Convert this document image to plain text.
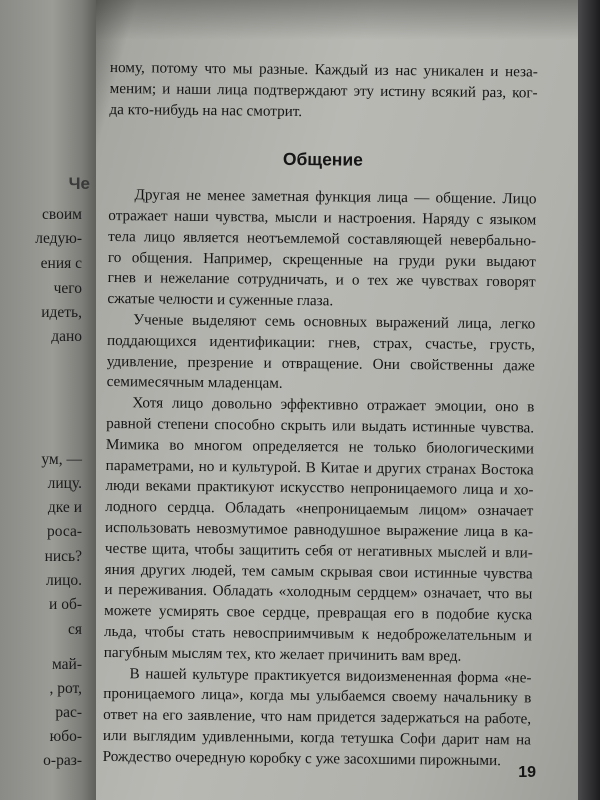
Че
своим
ледую-
ения с
чего
идеть,
дано
ум, —
лицу.
дке и
роса-
нись?
лицо.
и об-
ся
май-
, рот,
рас-
юбо-
о-раз-
ному, потому что мы разные. Каждый из нас уникален и неза-
меним; и наши лица подтверждают эту истину всякий раз, ког-
да кто-нибудь на нас смотрит.
Общение
Другая не менее заметная функция лица — общение. Лицо
отражает наши чувства, мысли и настроения. Наряду с языком
тела лицо является неотъемлемой составляющей невербально-
го общения. Например, скрещенные на груди руки выдают
гнев и нежелание сотрудничать, и о тех же чувствах говорят
сжатые челюсти и суженные глаза.
Ученые выделяют семь основных выражений лица, легко
поддающихся идентификации: гнев, страх, счастье, грусть,
удивление, презрение и отвращение. Они свойственны даже
семимесячным младенцам.
Хотя лицо довольно эффективно отражает эмоции, оно в
равной степени способно скрыть или выдать истинные чувства.
Мимика во многом определяется не только биологическими
параметрами, но и культурой. В Китае и других странах Востока
люди веками практикуют искусство непроницаемого лица и хо-
лодного сердца. Обладать «непроницаемым лицом» означает
использовать невозмутимое равнодушное выражение лица в ка-
честве щита, чтобы защитить себя от негативных мыслей и вли-
яния других людей, тем самым скрывая свои истинные чувства
и переживания. Обладать «холодным сердцем» означает, что вы
можете усмирять свое сердце, превращая его в подобие куска
льда, чтобы стать невосприимчивым к недоброжелательным и
пагубным мыслям тех, кто желает причинить вам вред.
В нашей культуре практикуется видоизмененная форма «не-
проницаемого лица», когда мы улыбаемся своему начальнику в
ответ на его заявление, что нам придется задержаться на работе,
или выглядим удивленными, когда тетушка Софи дарит нам на
Рождество очередную коробку с уже засохшими пирожными.
19
